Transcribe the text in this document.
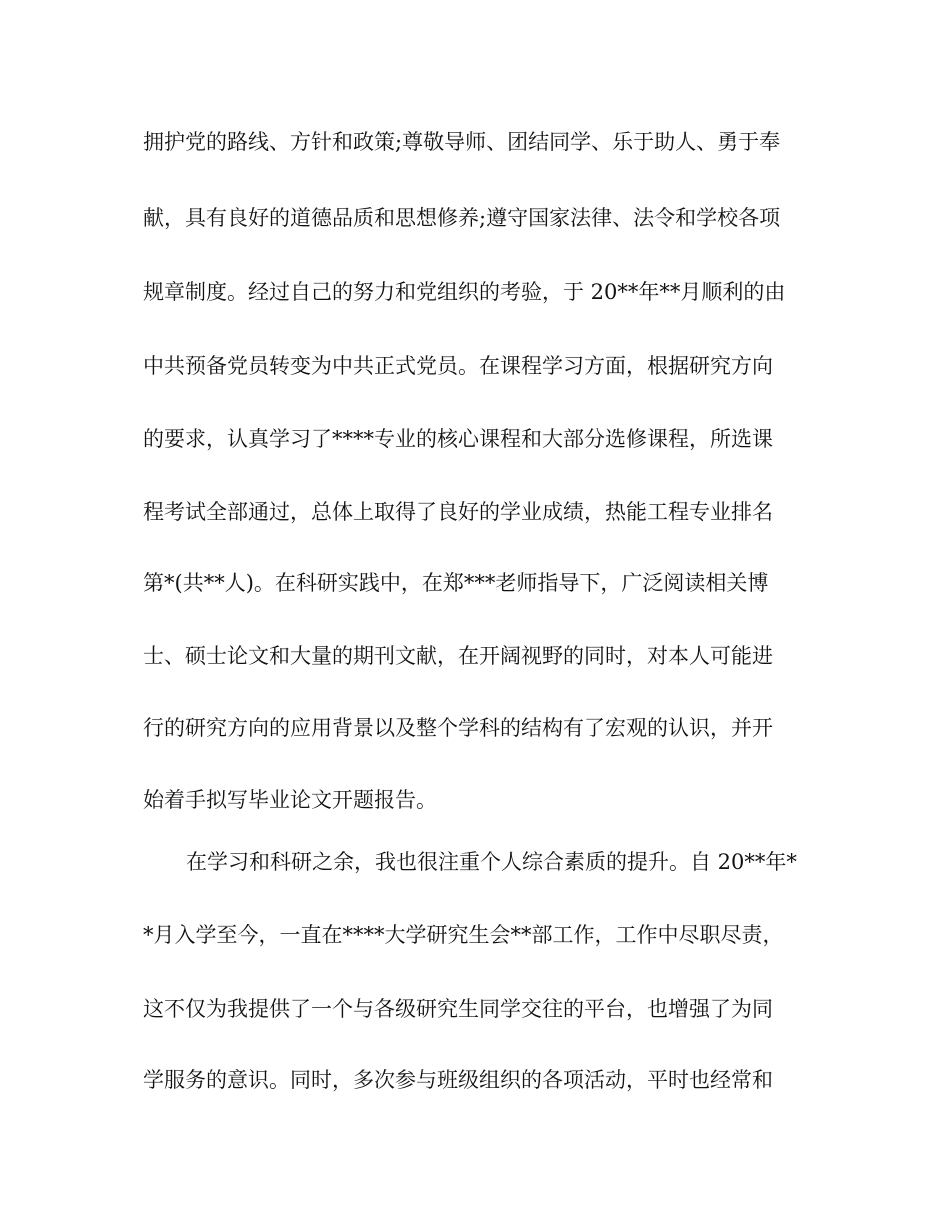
拥护党的路线、方针和政策;尊敬导师、团结同学、乐于助人、勇于奉
献，具有良好的道德品质和思想修养;遵守国家法律、法令和学校各项
规章制度。经过自己的努力和党组织的考验，于 20**年**月顺利的由
中共预备党员转变为中共正式党员。在课程学习方面，根据研究方向
的要求，认真学习了****专业的核心课程和大部分选修课程，所选课
程考试全部通过，总体上取得了良好的学业成绩，热能工程专业排名
第*(共**人)。在科研实践中，在郑***老师指导下，广泛阅读相关博
士、硕士论文和大量的期刊文献，在开阔视野的同时，对本人可能进
行的研究方向的应用背景以及整个学科的结构有了宏观的认识，并开
始着手拟写毕业论文开题报告。
在学习和科研之余，我也很注重个人综合素质的提升。自 20**年*
*月入学至今，一直在****大学研究生会**部工作，工作中尽职尽责，
这不仅为我提供了一个与各级研究生同学交往的平台，也增强了为同
学服务的意识。同时，多次参与班级组织的各项活动，平时也经常和
